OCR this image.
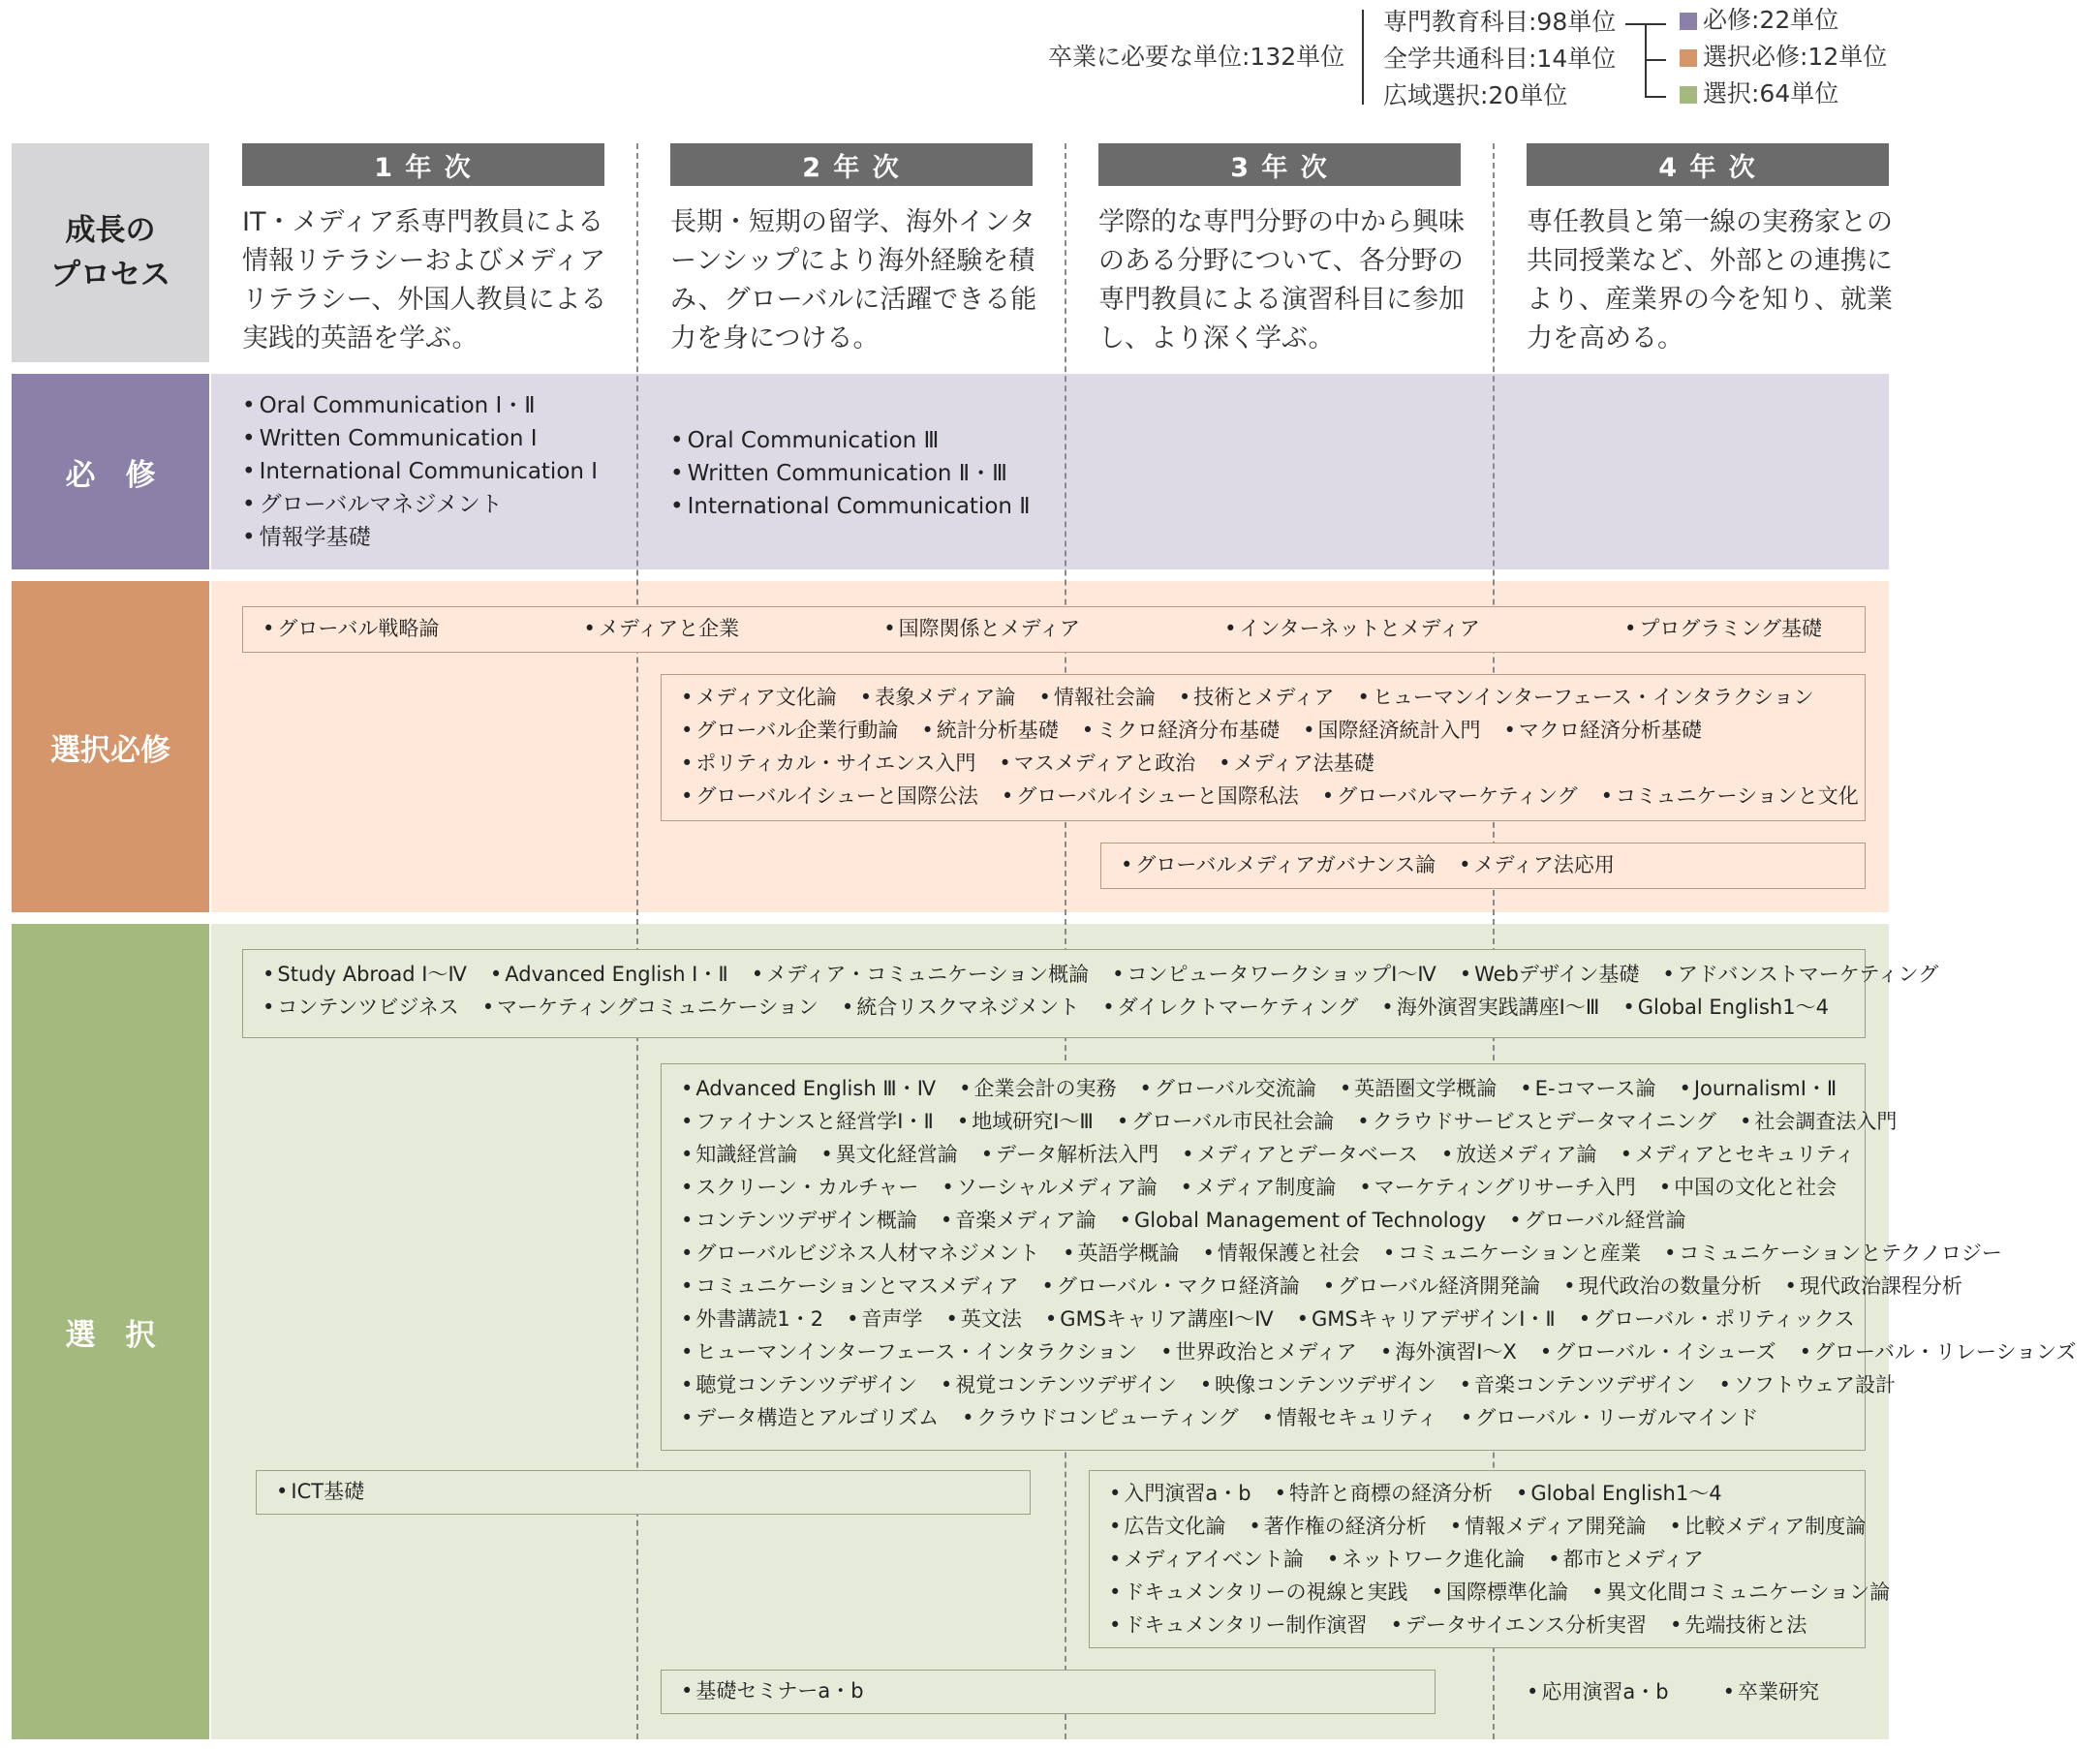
卒業に必要な単位:132単位
専門教育科目:98単位
全学共通科目:14単位
広域選択:20単位
必修:22単位
選択必修:12単位
選択:64単位
成長の
プロセス
必　修
選択必修
選　択
1 年 次	2 年 次	3 年 次	4 年 次
IT・メディア系専門教員による情報リテラシーおよびメディアリテラシー、外国人教員による実践的英語を学ぶ。
長期・短期の留学、海外インターンシップにより海外経験を積み、グローバルに活躍できる能力を身につける。
学際的な専門分野の中から興味のある分野について、各分野の専門教員による演習科目に参加し、より深く学ぶ。
専任教員と第一線の実務家との共同授業など、外部との連携により、産業界の今を知り、就業力を高める。
• Oral Communication Ⅰ・Ⅱ
• Written Communication Ⅰ
• International Communication Ⅰ
• グローバルマネジメント
• 情報学基礎
• Oral Communication Ⅲ
• Written Communication Ⅱ・Ⅲ
• International Communication Ⅱ
• グローバル戦略論	• メディアと企業	• 国際関係とメディア	• インターネットとメディア	• プログラミング基礎
• メディア文化論 • 表象メディア論 • 情報社会論 • 技術とメディア • ヒューマンインターフェース・インタラクション
• グローバル企業行動論 • 統計分析基礎 • ミクロ経済分布基礎 • 国際経済統計入門 • マクロ経済分析基礎
• ポリティカル・サイエンス入門 • マスメディアと政治 • メディア法基礎
• グローバルイシューと国際公法 • グローバルイシューと国際私法 • グローバルマーケティング • コミュニケーションと文化
• グローバルメディアガバナンス論 • メディア法応用
• Study Abroad Ⅰ～Ⅳ • Advanced English Ⅰ・Ⅱ • メディア・コミュニケーション概論 • コンピュータワークショップⅠ～Ⅳ • Webデザイン基礎 • アドバンストマーケティング
• コンテンツビジネス • マーケティングコミュニケーション • 統合リスクマネジメント • ダイレクトマーケティング • 海外演習実践講座Ⅰ～Ⅲ • Global English1～4
• Advanced English Ⅲ・Ⅳ • 企業会計の実務 • グローバル交流論 • 英語圏文学概論 • E-コマース論 • JournalismⅠ・Ⅱ
• ファイナンスと経営学Ⅰ・Ⅱ • 地域研究Ⅰ～Ⅲ • グローバル市民社会論 • クラウドサービスとデータマイニング • 社会調査法入門
• 知識経営論 • 異文化経営論 • データ解析法入門 • メディアとデータベース • 放送メディア論 • メディアとセキュリティ
• スクリーン・カルチャー • ソーシャルメディア論 • メディア制度論 • マーケティングリサーチ入門 • 中国の文化と社会
• コンテンツデザイン概論 • 音楽メディア論 • Global Management of Technology • グローバル経営論
• グローバルビジネス人材マネジメント • 英語学概論 • 情報保護と社会 • コミュニケーションと産業 • コミュニケーションとテクノロジー
• コミュニケーションとマスメディア • グローバル・マクロ経済論 • グローバル経済開発論 • 現代政治の数量分析 • 現代政治課程分析
• 外書講読1・2 • 音声学 • 英文法 • GMSキャリア講座Ⅰ～Ⅳ • GMSキャリアデザインⅠ・Ⅱ • グローバル・ポリティックス
• ヒューマンインターフェース・インタラクション • 世界政治とメディア • 海外演習Ⅰ～Ⅹ • グローバル・イシューズ • グローバル・リレーションズ
• 聴覚コンテンツデザイン • 視覚コンテンツデザイン • 映像コンテンツデザイン • 音楽コンテンツデザイン • ソフトウェア設計
• データ構造とアルゴリズム • クラウドコンピューティング • 情報セキュリティ • グローバル・リーガルマインド
• ICT基礎	• 入門演習a・b • 特許と商標の経済分析 • Global English1～4
• 広告文化論 • 著作権の経済分析 • 情報メディア開発論 • 比較メディア制度論
• メディアイベント論 • ネットワーク進化論 • 都市とメディア
• ドキュメンタリーの視線と実践 • 国際標準化論 • 異文化間コミュニケーション論
• ドキュメンタリー制作演習 • データサイエンス分析実習 • 先端技術と法
• 基礎セミナーa・b	• 応用演習a・b	• 卒業研究
